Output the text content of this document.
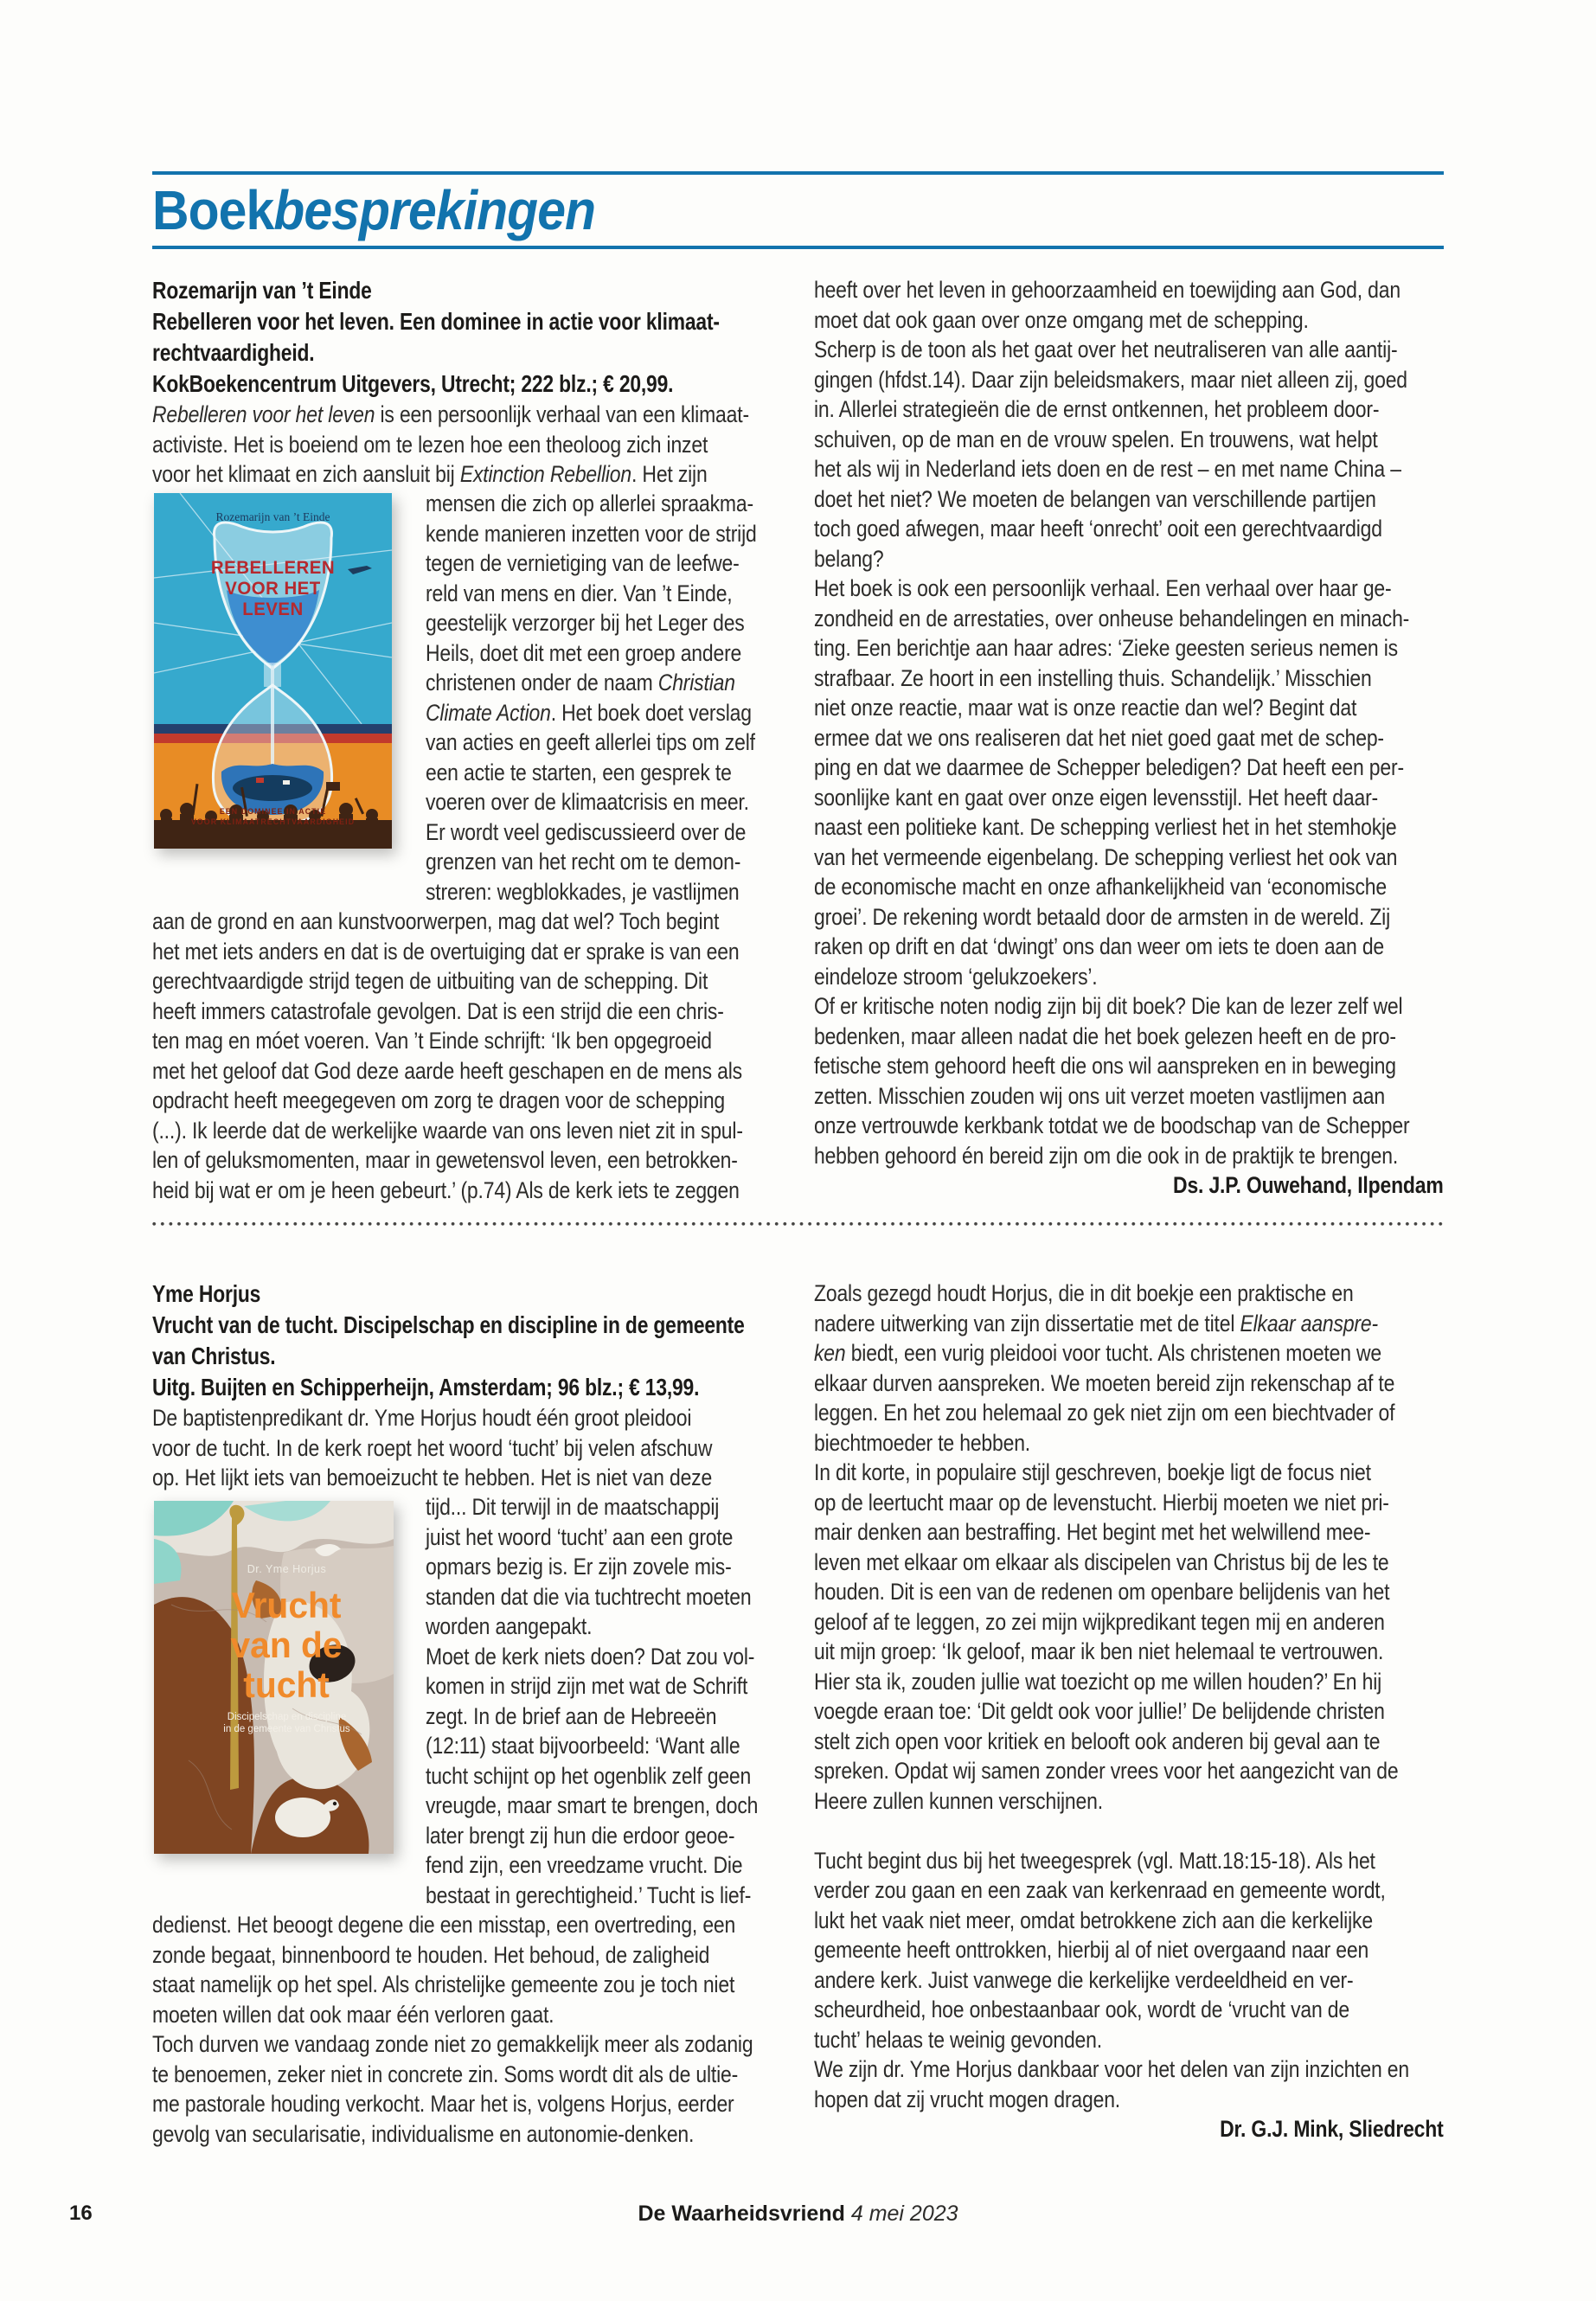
Boekbesprekingen
Rozemarijn van ’t Einde
Rebelleren voor het leven. Een dominee in actie voor klimaat-
rechtvaardigheid.
KokBoekencentrum Uitgevers, Utrecht; 222 blz.; € 20,99.
Rebelleren voor het leven is een persoonlijk verhaal van een klimaat-
activiste. Het is boeiend om te lezen hoe een theoloog zich inzet
voor het klimaat en zich aansluit bij Extinction Rebellion. Het zijn
Rozemarijn van ’t Einde
REBELLEREN
VOOR HET
LEVEN
EEN DOMINEE IN ACTIE
VOOR KLIMAATRECHTVAARDIGHEID
mensen die zich op allerlei spraakma-
kende manieren inzetten voor de strijd
tegen de vernietiging van de leefwe-
reld van mens en dier. Van ’t Einde,
geestelijk verzorger bij het Leger des
Heils, doet dit met een groep andere
christenen onder de naam Christian
Climate Action. Het boek doet verslag
van acties en geeft allerlei tips om zelf
een actie te starten, een gesprek te
voeren over de klimaatcrisis en meer.
Er wordt veel gediscussieerd over de
grenzen van het recht om te demon-
streren: wegblokkades, je vastlijmen
aan de grond en aan kunstvoorwerpen, mag dat wel? Toch begint
het met iets anders en dat is de overtuiging dat er sprake is van een
gerechtvaardigde strijd tegen de uitbuiting van de schepping. Dit
heeft immers catastrofale gevolgen. Dat is een strijd die een chris-
ten mag en móet voeren. Van ’t Einde schrijft: ‘Ik ben opgegroeid
met het geloof dat God deze aarde heeft geschapen en de mens als
opdracht heeft meegegeven om zorg te dragen voor de schepping
(...). Ik leerde dat de werkelijke waarde van ons leven niet zit in spul-
len of geluksmomenten, maar in gewetensvol leven, een betrokken-
heid bij wat er om je heen gebeurt.’ (p.74) Als de kerk iets te zeggen
heeft over het leven in gehoorzaamheid en toewijding aan God, dan
moet dat ook gaan over onze omgang met de schepping.
Scherp is de toon als het gaat over het neutraliseren van alle aantij-
gingen (hfdst.14). Daar zijn beleidsmakers, maar niet alleen zij, goed
in. Allerlei strategieën die de ernst ontkennen, het probleem door-
schuiven, op de man en de vrouw spelen. En trouwens, wat helpt
het als wij in Nederland iets doen en de rest – en met name China –
doet het niet? We moeten de belangen van verschillende partijen
toch goed afwegen, maar heeft ‘onrecht’ ooit een gerechtvaardigd
belang?
Het boek is ook een persoonlijk verhaal. Een verhaal over haar ge-
zondheid en de arrestaties, over onheuse behandelingen en minach-
ting. Een berichtje aan haar adres: ‘Zieke geesten serieus nemen is
strafbaar. Ze hoort in een instelling thuis. Schandelijk.’ Misschien
niet onze reactie, maar wat is onze reactie dan wel? Begint dat
ermee dat we ons realiseren dat het niet goed gaat met de schep-
ping en dat we daarmee de Schepper beledigen? Dat heeft een per-
soonlijke kant en gaat over onze eigen levensstijl. Het heeft daar-
naast een politieke kant. De schepping verliest het in het stemhokje
van het vermeende eigenbelang. De schepping verliest het ook van
de economische macht en onze afhankelijkheid van ‘economische
groei’. De rekening wordt betaald door de armsten in de wereld. Zij
raken op drift en dat ‘dwingt’ ons dan weer om iets te doen aan de
eindeloze stroom ‘gelukzoekers’.
Of er kritische noten nodig zijn bij dit boek? Die kan de lezer zelf wel
bedenken, maar alleen nadat die het boek gelezen heeft en de pro-
fetische stem gehoord heeft die ons wil aanspreken en in beweging
zetten. Misschien zouden wij ons uit verzet moeten vastlijmen aan
onze vertrouwde kerkbank totdat we de boodschap van de Schepper
hebben gehoord én bereid zijn om die ook in de praktijk te brengen.
Ds. J.P. Ouwehand, Ilpendam
Yme Horjus
Vrucht van de tucht. Discipelschap en discipline in de gemeente
van Christus.
Uitg. Buijten en Schipperheijn, Amsterdam; 96 blz.; € 13,99.
De baptistenpredikant dr. Yme Horjus houdt één groot pleidooi
voor de tucht. In de kerk roept het woord ‘tucht’ bij velen afschuw
op. Het lijkt iets van bemoeizucht te hebben. Het is niet van deze
Dr. Yme Horjus
Vrucht
van de
tucht
Discipelschap en discipline
in de gemeente van Christus
tijd... Dit terwijl in de maatschappij
juist het woord ‘tucht’ aan een grote
opmars bezig is. Er zijn zovele mis-
standen dat die via tuchtrecht moeten
worden aangepakt.
Moet de kerk niets doen? Dat zou vol-
komen in strijd zijn met wat de Schrift
zegt. In de brief aan de Hebreeën
(12:11) staat bijvoorbeeld: ‘Want alle
tucht schijnt op het ogenblik zelf geen
vreugde, maar smart te brengen, doch
later brengt zij hun die erdoor geoe-
fend zijn, een vreedzame vrucht. Die
bestaat in gerechtigheid.’ Tucht is lief-
dedienst. Het beoogt degene die een misstap, een overtreding, een
zonde begaat, binnenboord te houden. Het behoud, de zaligheid
staat namelijk op het spel. Als christelijke gemeente zou je toch niet
moeten willen dat ook maar één verloren gaat.
Toch durven we vandaag zonde niet zo gemakkelijk meer als zodanig
te benoemen, zeker niet in concrete zin. Soms wordt dit als de ultie-
me pastorale houding verkocht. Maar het is, volgens Horjus, eerder
gevolg van secularisatie, individualisme en autonomie-denken.
Zoals gezegd houdt Horjus, die in dit boekje een praktische en
nadere uitwerking van zijn dissertatie met de titel Elkaar aanspre-
ken biedt, een vurig pleidooi voor tucht. Als christenen moeten we
elkaar durven aanspreken. We moeten bereid zijn rekenschap af te
leggen. En het zou helemaal zo gek niet zijn om een biechtvader of
biechtmoeder te hebben.
In dit korte, in populaire stijl geschreven, boekje ligt de focus niet
op de leertucht maar op de levenstucht. Hierbij moeten we niet pri-
mair denken aan bestraffing. Het begint met het welwillend mee-
leven met elkaar om elkaar als discipelen van Christus bij de les te
houden. Dit is een van de redenen om openbare belijdenis van het
geloof af te leggen, zo zei mijn wijkpredikant tegen mij en anderen
uit mijn groep: ‘Ik geloof, maar ik ben niet helemaal te vertrouwen.
Hier sta ik, zouden jullie wat toezicht op me willen houden?’ En hij
voegde eraan toe: ‘Dit geldt ook voor jullie!’ De belijdende christen
stelt zich open voor kritiek en belooft ook anderen bij geval aan te
spreken. Opdat wij samen zonder vrees voor het aangezicht van de
Heere zullen kunnen verschijnen.

Tucht begint dus bij het tweegesprek (vgl. Matt.18:15-18). Als het
verder zou gaan en een zaak van kerkenraad en gemeente wordt,
lukt het vaak niet meer, omdat betrokkene zich aan die kerkelijke
gemeente heeft onttrokken, hierbij al of niet overgaand naar een
andere kerk. Juist vanwege die kerkelijke verdeeldheid en ver-
scheurdheid, hoe onbestaanbaar ook, wordt de ‘vrucht van de
tucht’ helaas te weinig gevonden.
We zijn dr. Yme Horjus dankbaar voor het delen van zijn inzichten en
hopen dat zij vrucht mogen dragen.
Dr. G.J. Mink, Sliedrecht
16	De Waarheidsvriend 4 mei 2023
